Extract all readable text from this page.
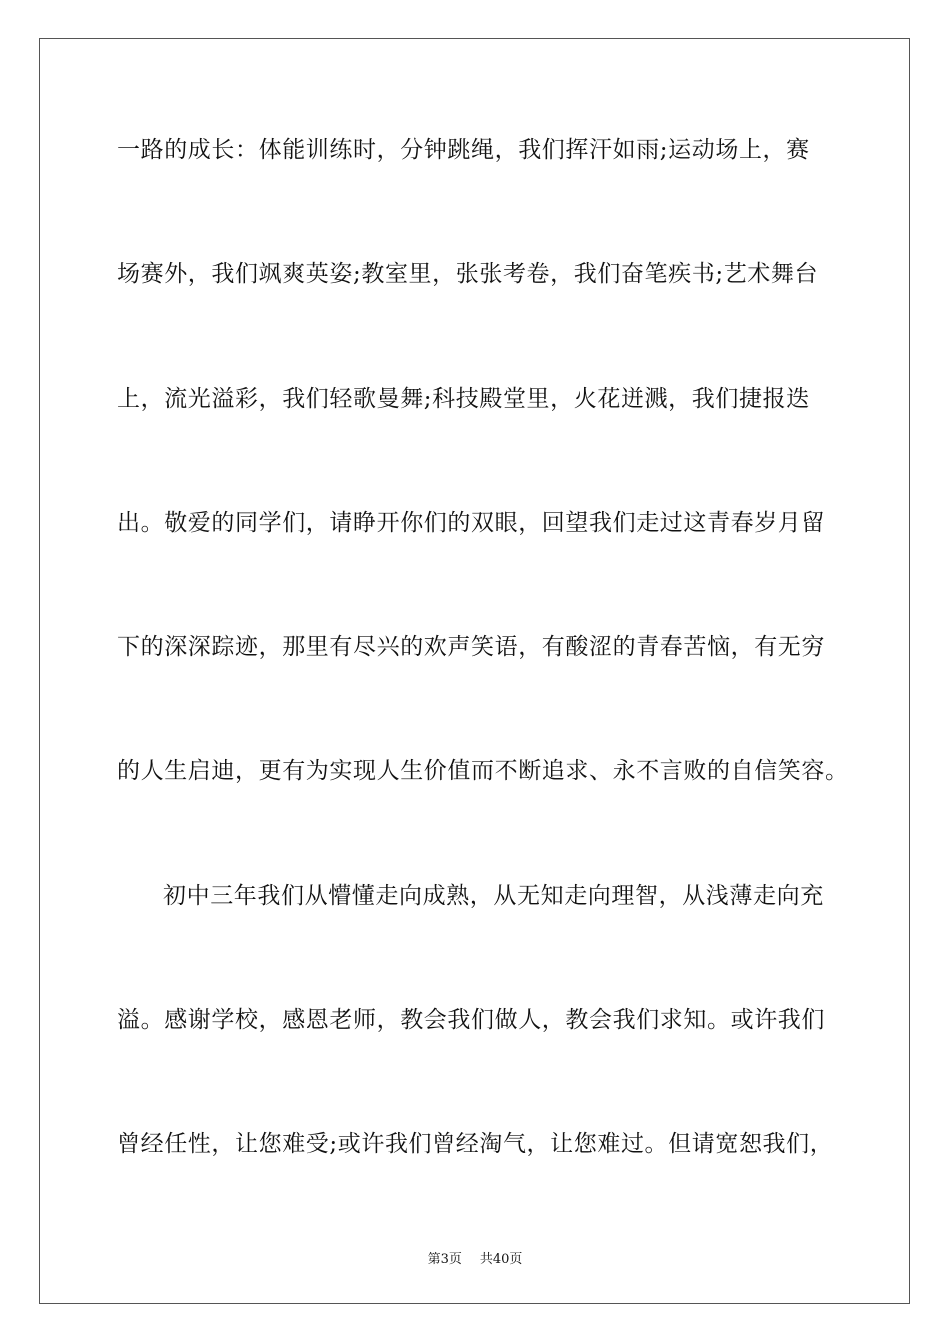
一路的成长：体能训练时，分钟跳绳，我们挥汗如雨;运动场上，赛
场赛外，我们飒爽英姿;教室里，张张考卷，我们奋笔疾书;艺术舞台
上，流光溢彩，我们轻歌曼舞;科技殿堂里，火花迸溅，我们捷报迭
出。敬爱的同学们，请睁开你们的双眼，回望我们走过这青春岁月留
下的深深踪迹，那里有尽兴的欢声笑语，有酸涩的青春苦恼，有无穷
的人生启迪，更有为实现人生价值而不断追求、永不言败的自信笑容。
初中三年我们从懵懂走向成熟，从无知走向理智，从浅薄走向充
溢。感谢学校，感恩老师，教会我们做人，教会我们求知。或许我们
曾经任性，让您难受;或许我们曾经淘气，让您难过。但请宽恕我们，
第3页 共40页
